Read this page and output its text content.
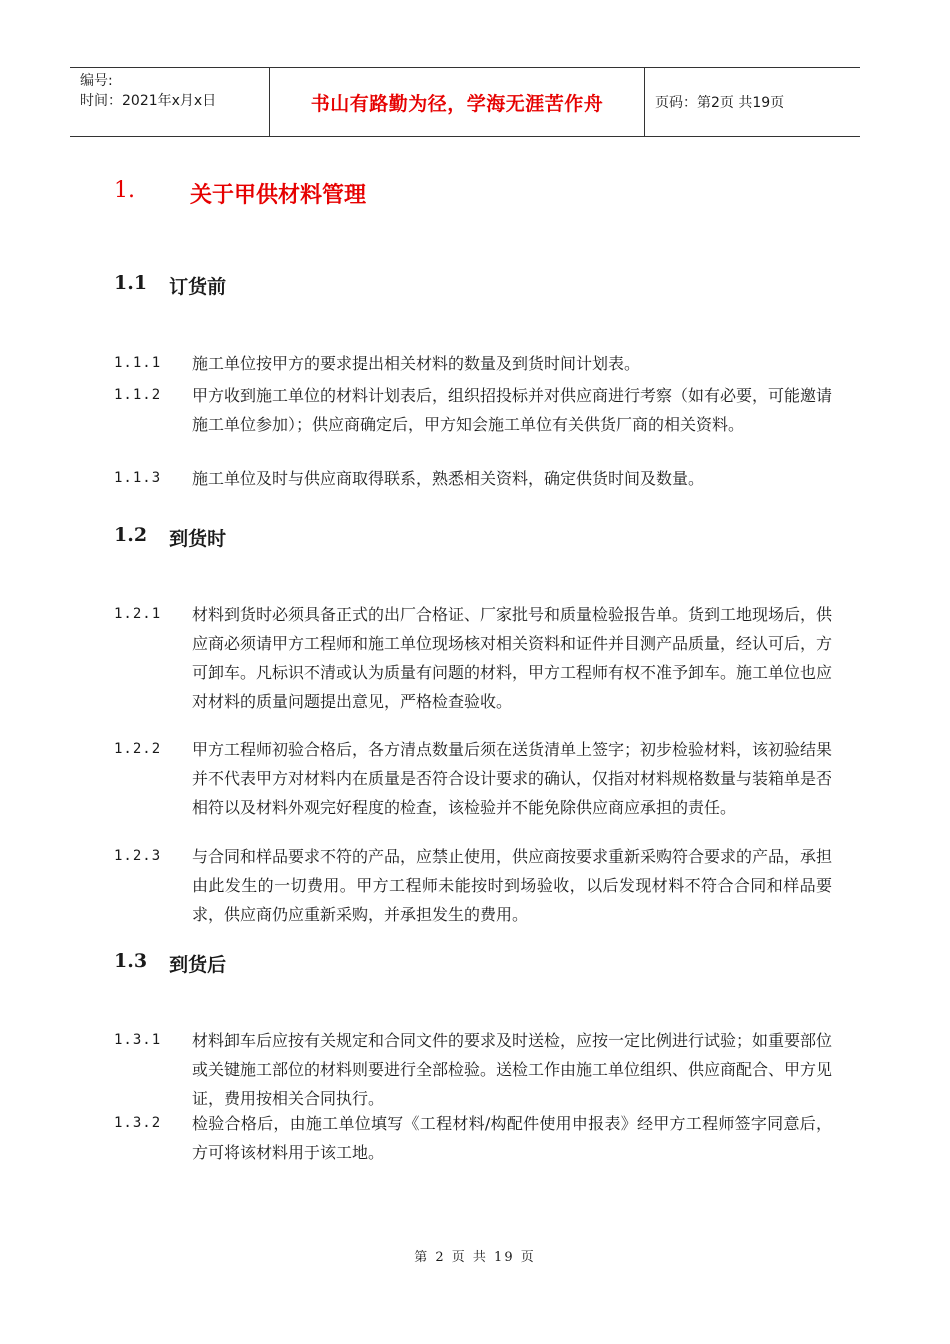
编号:
时间：2021年x月x日	书山有路勤为径，学海无涯苦作舟	页码：第2页 共19页
1.	关于甲供材料管理
1.1 订货前
1.1.1	施工单位按甲方的要求提出相关材料的数量及到货时间计划表。
1.1.2	甲方收到施工单位的材料计划表后，组织招投标并对供应商进行考察（如有必要，可能邀请施工单位参加）；供应商确定后，甲方知会施工单位有关供货厂商的相关资料。
1.1.3	施工单位及时与供应商取得联系，熟悉相关资料，确定供货时间及数量。
1.2 到货时
1.2.1	材料到货时必须具备正式的出厂合格证、厂家批号和质量检验报告单。货到工地现场后，供应商必须请甲方工程师和施工单位现场核对相关资料和证件并目测产品质量，经认可后，方可卸车。凡标识不清或认为质量有问题的材料，甲方工程师有权不准予卸车。施工单位也应对材料的质量问题提出意见，严格检查验收。
1.2.2	甲方工程师初验合格后，各方清点数量后须在送货清单上签字；初步检验材料，该初验结果并不代表甲方对材料内在质量是否符合设计要求的确认，仅指对材料规格数量与装箱单是否相符以及材料外观完好程度的检查，该检验并不能免除供应商应承担的责任。
1.2.3	与合同和样品要求不符的产品，应禁止使用，供应商按要求重新采购符合要求的产品，承担由此发生的一切费用。甲方工程师未能按时到场验收，以后发现材料不符合合同和样品要求，供应商仍应重新采购，并承担发生的费用。
1.3 到货后
1.3.1	材料卸车后应按有关规定和合同文件的要求及时送检，应按一定比例进行试验；如重要部位或关键施工部位的材料则要进行全部检验。送检工作由施工单位组织、供应商配合、甲方见证，费用按相关合同执行。
1.3.2	检验合格后，由施工单位填写《工程材料/构配件使用申报表》经甲方工程师签字同意后，方可将该材料用于该工地。
第 2 页 共 19 页
